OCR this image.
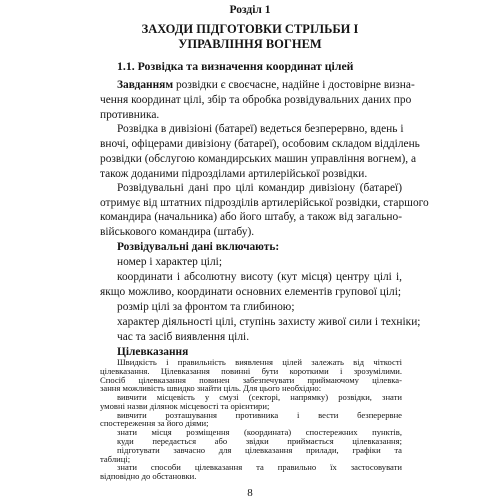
Розділ 1
ЗАХОДИ ПІДГОТОВКИ СТРІЛЬБИ І
УПРАВЛІННЯ ВОГНЕМ
1.1. Розвідка та визначення координат цілей
Завданням розвідки є своєчасне, надійне і достовірне визна-
чення координат цілі, збір та обробка розвідувальних даних про
противника.
Розвідка в дивізіоні (батареї) ведеться безперервно, вдень і
вночі, офіцерами дивізіону (батареї), особовим складом відділень
розвідки (обслугою командирських машин управління вогнем), а
також доданими підрозділами артилерійської розвідки.
Розвідувальні дані про цілі командир дивізіону (батареї)
отримує від штатних підрозділів артилерійської розвідки, старшого
командира (начальника) або його штабу, а також від загально-
військового командира (штабу).
Розвідувальні дані включають:
номер і характер цілі;
координати і абсолютну висоту (кут місця) центру цілі і,
якщо можливо, координати основних елементів групової цілі;
розмір цілі за фронтом та глибиною;
характер діяльності цілі, ступінь захисту живої сили і техніки;
час та засіб виявлення цілі.
Цілевказання
Швидкість і правильність виявлення цілей залежать від чіткості
цілевказання. Цілевказання повинні бути короткими і зрозумілими.
Спосіб цілевказання повинен забезпечувати приймаючому цілевка-
зання можливість швидко знайти ціль. Для цього необхідно:
вивчити місцевість у смузі (секторі, напрямку) розвідки, знати
умовні назви ділянок місцевості та орієнтири;
вивчити розташування противника і вести безперервне
спостереження за його діями;
знати місця розміщення (координата) спостережних пунктів,
куди передається або звідки приймається цілевказання;
підготувати завчасно для цілевказання прилади, графіки та
таблиці;
знати способи цілевказання та правильно їх застосовувати
відповідно до обстановки.
8
